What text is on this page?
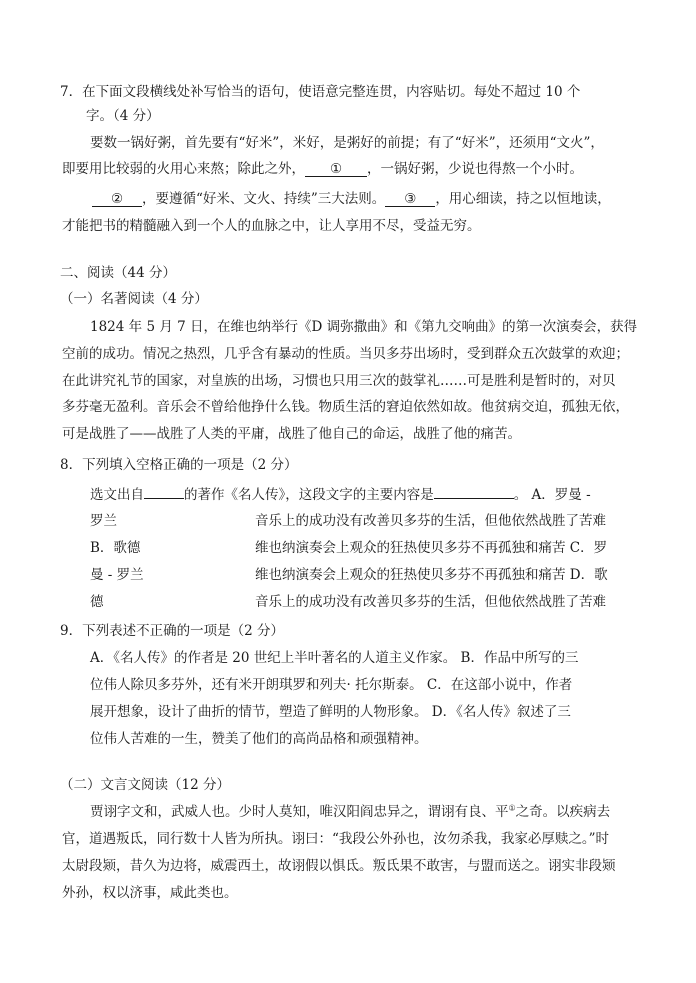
7．在下面文段横线处补写恰当的语句，使语意完整连贯，内容贴切。每处不超过 10 个
字。（4 分）
要数一锅好粥，首先要有“好米”，米好，是粥好的前提；有了“好米”，还须用“文火”，
即要用比较弱的火用心来熬；除此之外， ① ，一锅好粥，少说也得熬一个小时。
② ，要遵循“好米、文火、持续”三大法则。 ③ ，用心细读，持之以恒地读，
才能把书的精髓融入到一个人的血脉之中，让人享用不尽，受益无穷。
二、阅读（44 分）
（一）名著阅读（4 分）
1824 年 5 月 7 日，在维也纳举行《D 调弥撒曲》和《第九交响曲》的第一次演奏会，获得
空前的成功。情况之热烈，几乎含有暴动的性质。当贝多芬出场时，受到群众五次鼓掌的欢迎；
在此讲究礼节的国家，对皇族的出场，习惯也只用三次的鼓掌礼……可是胜利是暂时的，对贝
多芬毫无盈利。音乐会不曾给他挣什么钱。物质生活的窘迫依然如故。他贫病交迫，孤独无依，
可是战胜了——战胜了人类的平庸，战胜了他自己的命运，战胜了他的痛苦。
8．下列填入空格正确的一项是（2 分）
选文出自	的著作《名人传》，这段文字的主要内容是	。 A．罗曼 -
罗兰	音乐上的成功没有改善贝多芬的生活，但他依然战胜了苦难
B．歌德	维也纳演奏会上观众的狂热使贝多芬不再孤独和痛苦 C．罗
曼 - 罗兰	维也纳演奏会上观众的狂热使贝多芬不再孤独和痛苦 D．歌
德	音乐上的成功没有改善贝多芬的生活，但他依然战胜了苦难
9．下列表述不正确的一项是（2 分）
A．《名人传》的作者是 20 世纪上半叶著名的人道主义作家。 B．作品中所写的三
位伟人除贝多芬外，还有米开朗琪罗和列夫· 托尔斯泰。 C．在这部小说中，作者
展开想象，设计了曲折的情节，塑造了鲜明的人物形象。 D．《名人传》叙述了三
位伟人苦难的一生，赞美了他们的高尚品格和顽强精神。
（二）文言文阅读（12 分）
贾诩字文和，武威人也。少时人莫知，唯汉阳阎忠异之，谓诩有良、平①之奇。以疾病去
官，道遇叛氐，同行数十人皆为所执。诩曰：“我段公外孙也，汝勿杀我，我家必厚赎之。”时
太尉段颎，昔久为边将，威震西土，故诩假以惧氐。叛氐果不敢害，与盟而送之。诩实非段颎
外孙，权以济事，咸此类也。
